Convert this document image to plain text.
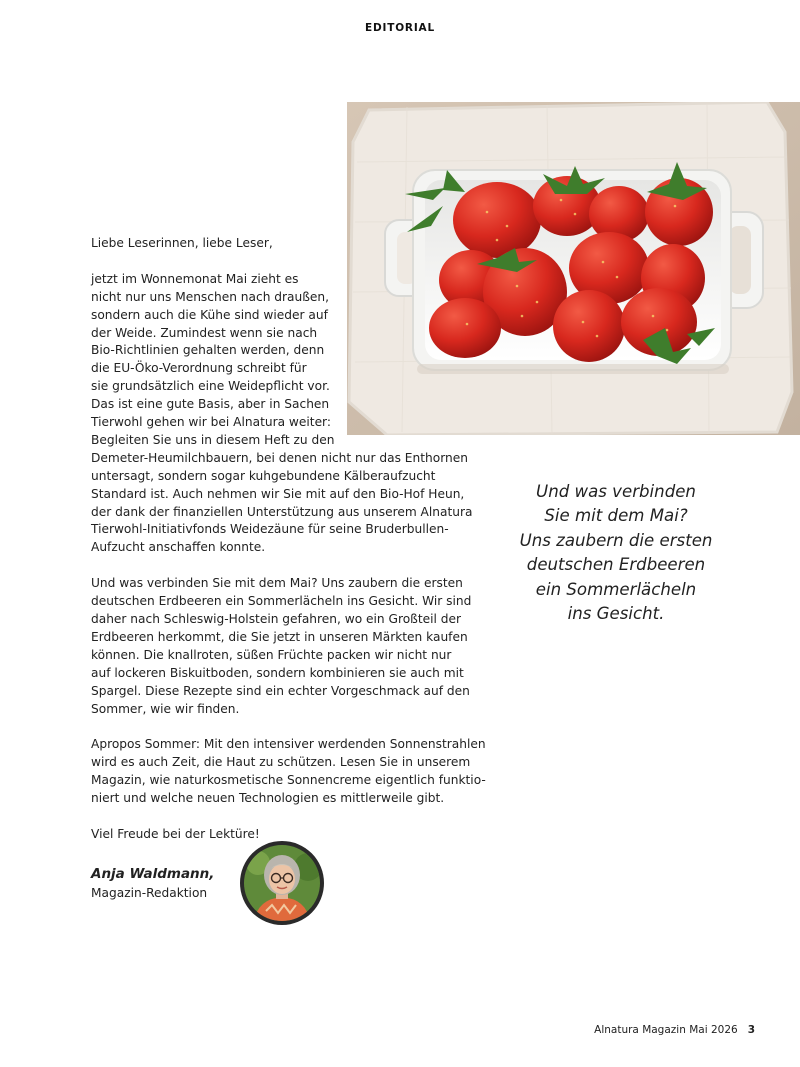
EDITORIAL
Liebe Leserinnen, liebe Leser,
jetzt im Wonnemonat Mai zieht es
nicht nur uns Menschen nach draußen,
sondern auch die Kühe sind wieder auf
der Weide. Zumindest wenn sie nach
Bio-Richtlinien gehalten werden, denn
die EU-Öko-Verordnung schreibt für
sie grundsätzlich eine Weidepflicht vor.
Das ist eine gute Basis, aber in Sachen
Tierwohl gehen wir bei Alnatura weiter:
Begleiten Sie uns in diesem Heft zu den
Demeter-Heumilchbauern, bei denen nicht nur das Enthornen
untersagt, sondern sogar kuhgebundene Kälberaufzucht
Standard ist. Auch nehmen wir Sie mit auf den Bio-Hof Heun,
der dank der finanziellen Unterstützung aus unserem Alnatura
Tierwohl-Initiativfonds Weidezäune für seine Bruderbullen-
Aufzucht anschaffen konnte.
Und was verbinden Sie mit dem Mai? Uns zaubern die ersten
deutschen Erdbeeren ein Sommerlächeln ins Gesicht. Wir sind
daher nach Schleswig-Holstein gefahren, wo ein Großteil der
Erdbeeren herkommt, die Sie jetzt in unseren Märkten kaufen
können. Die knallroten, süßen Früchte packen wir nicht nur
auf lockeren Biskuitboden, sondern kombinieren sie auch mit
Spargel. Diese Rezepte sind ein echter Vorgeschmack auf den
Sommer, wie wir finden.
Apropos Sommer: Mit den intensiver werdenden Sonnenstrahlen
wird es auch Zeit, die Haut zu schützen. Lesen Sie in unserem
Magazin, wie naturkosmetische Sonnencreme eigentlich funktio-
niert und welche neuen Technologien es mittlerweile gibt.
Viel Freude bei der Lektüre!
Und was verbinden
Sie mit dem Mai?
Uns zaubern die ersten
deutschen Erdbeeren
ein Sommerlächeln
ins Gesicht.
Anja Waldmann,
Magazin-Redaktion
Alnatura Magazin Mai 2026 3
